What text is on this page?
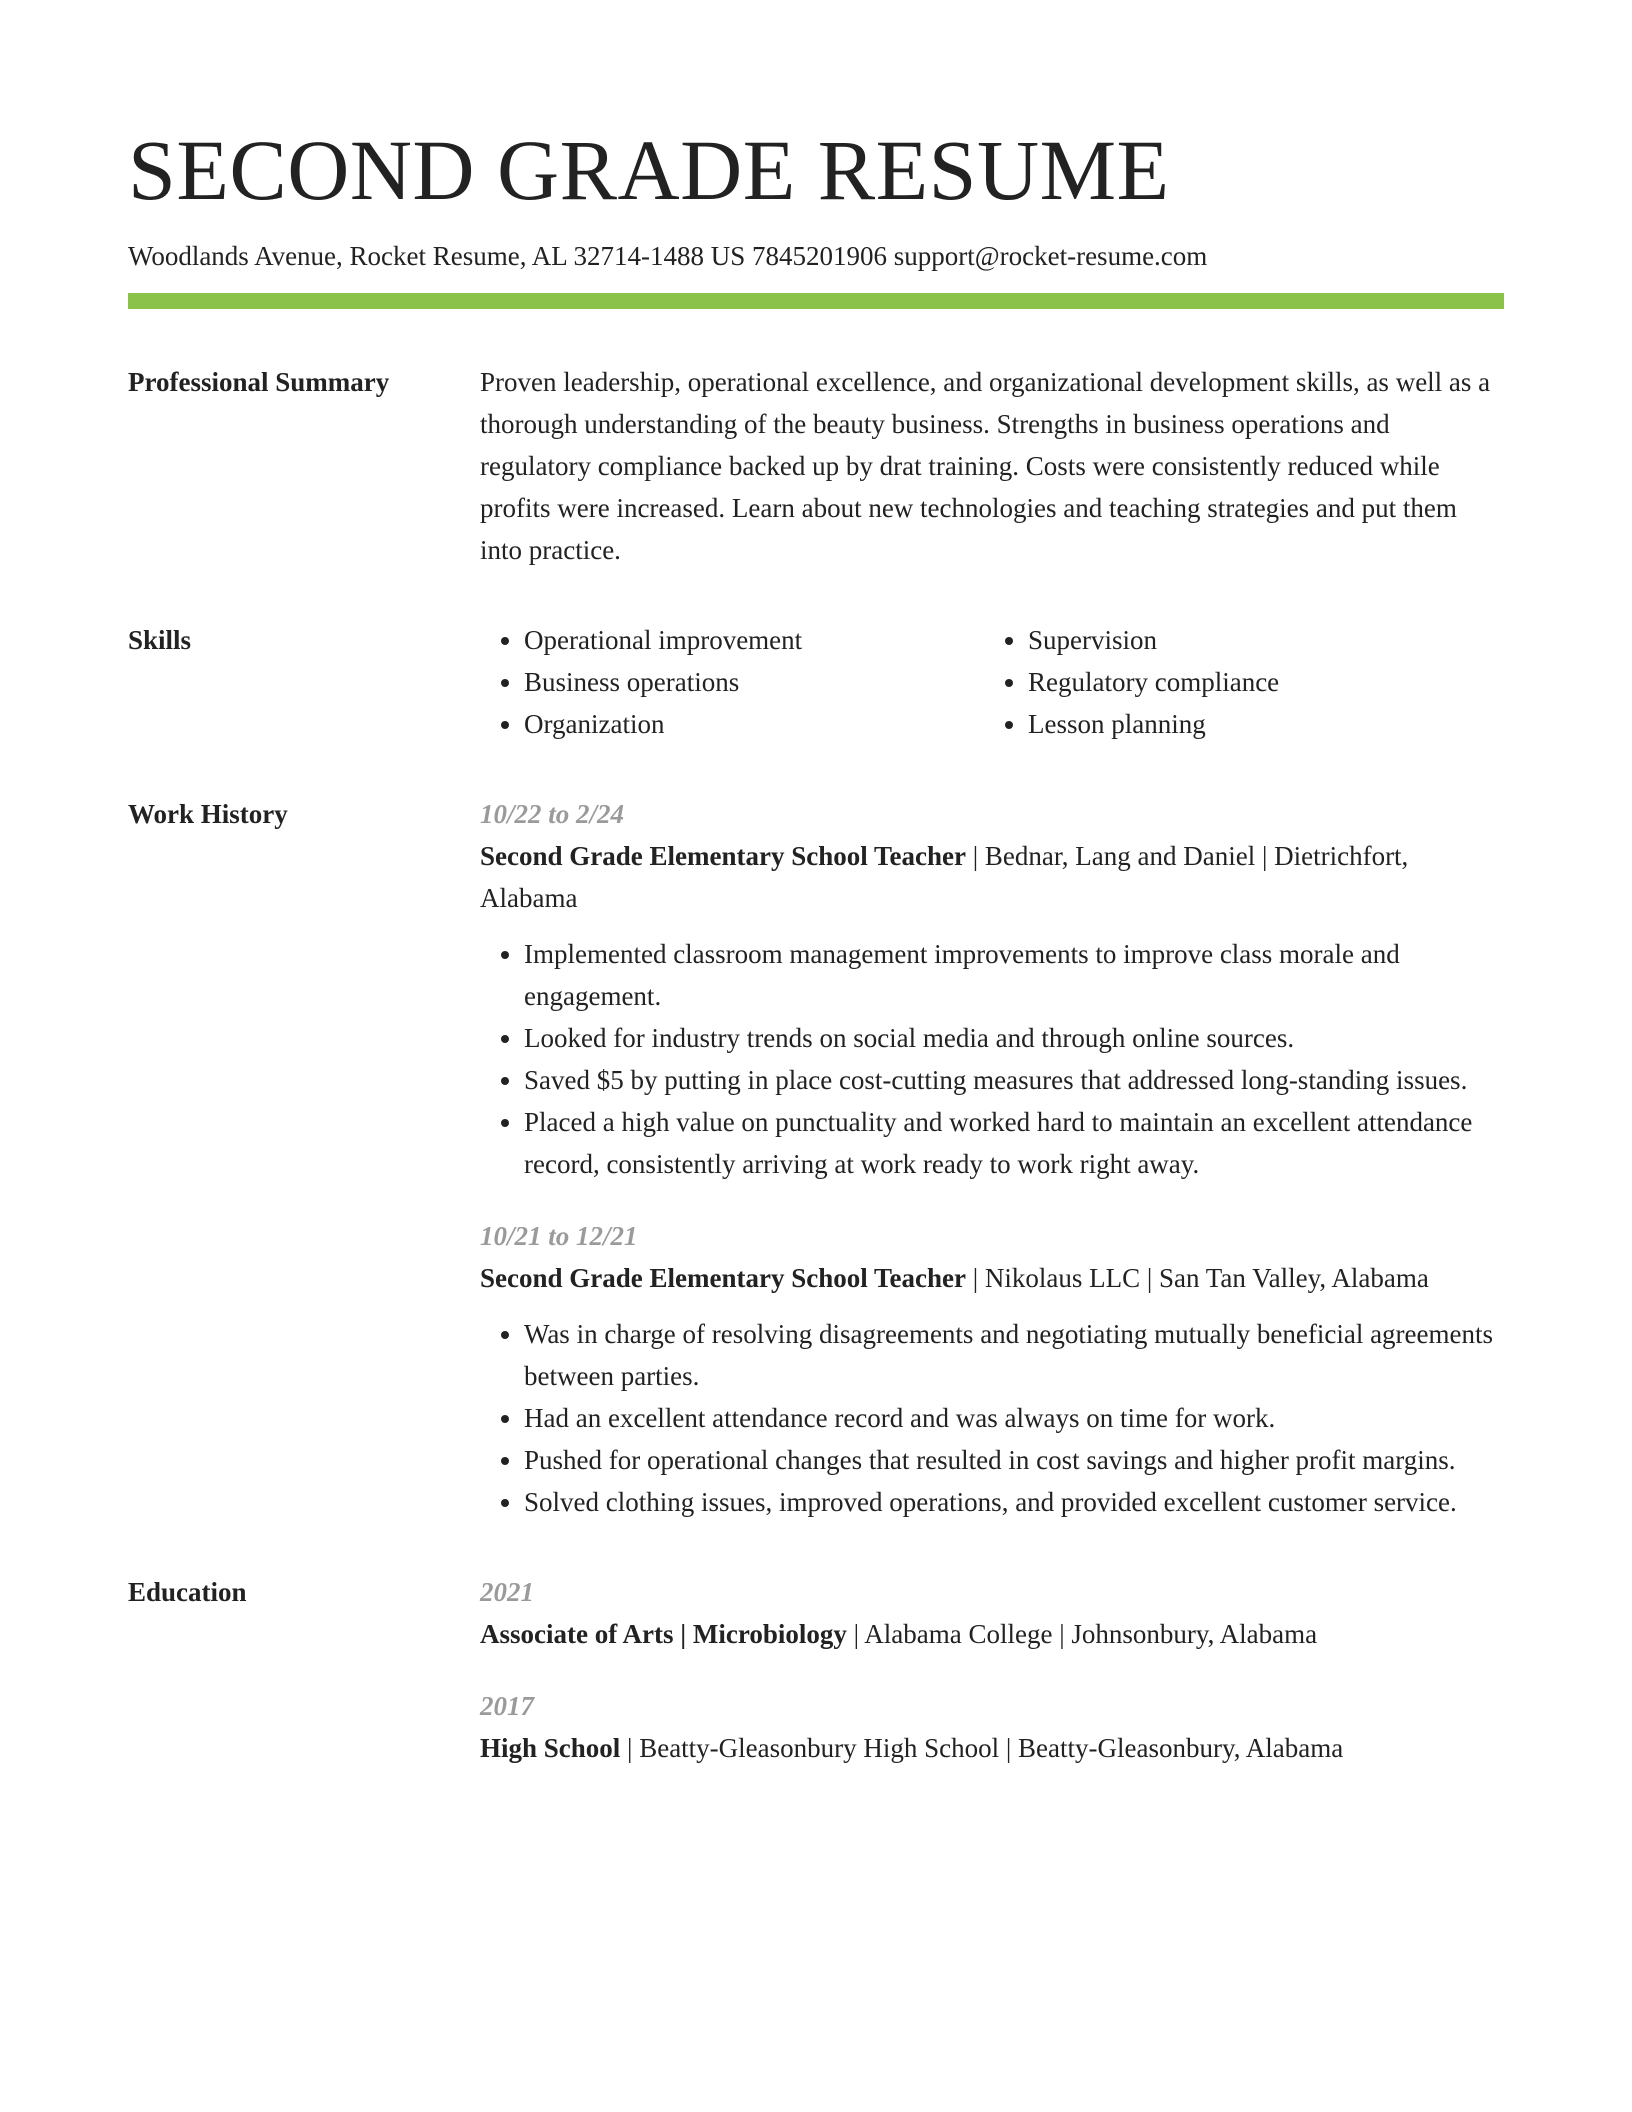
SECOND GRADE RESUME
Woodlands Avenue, Rocket Resume, AL 32714-1488 US 7845201906 support@rocket-resume.com
Professional Summary	Proven leadership, operational excellence, and organizational development skills, as well as a thorough understanding of the beauty business. Strengths in business operations and regulatory compliance backed up by drat training. Costs were consistently reduced while profits were increased. Learn about new technologies and teaching strategies and put them into practice.

Skills
•	Operational improvement
• Business operations
• Organization
• Supervision
• Regulatory compliance
• Lesson planning
Work History	10/22 to 2/24
Second Grade Elementary School Teacher | Bednar, Lang and Daniel | Dietrichfort, Alabama
• Implemented classroom management improvements to improve class morale and engagement.
• Looked for industry trends on social media and through online sources.
• Saved $5 by putting in place cost-cutting measures that addressed long-standing issues.
• Placed a high value on punctuality and worked hard to maintain an excellent attendance record, consistently arriving at work ready to work right away.
10/21 to 12/21
Second Grade Elementary School Teacher | Nikolaus LLC | San Tan Valley, Alabama
• Was in charge of resolving disagreements and negotiating mutually beneficial agreements between parties.
• Had an excellent attendance record and was always on time for work.
• Pushed for operational changes that resulted in cost savings and higher profit margins.
• Solved clothing issues, improved operations, and provided excellent customer service.
Education	2021
Associate of Arts | Microbiology | Alabama College | Johnsonbury, Alabama
2017
High School | Beatty-Gleasonbury High School | Beatty-Gleasonbury, Alabama
